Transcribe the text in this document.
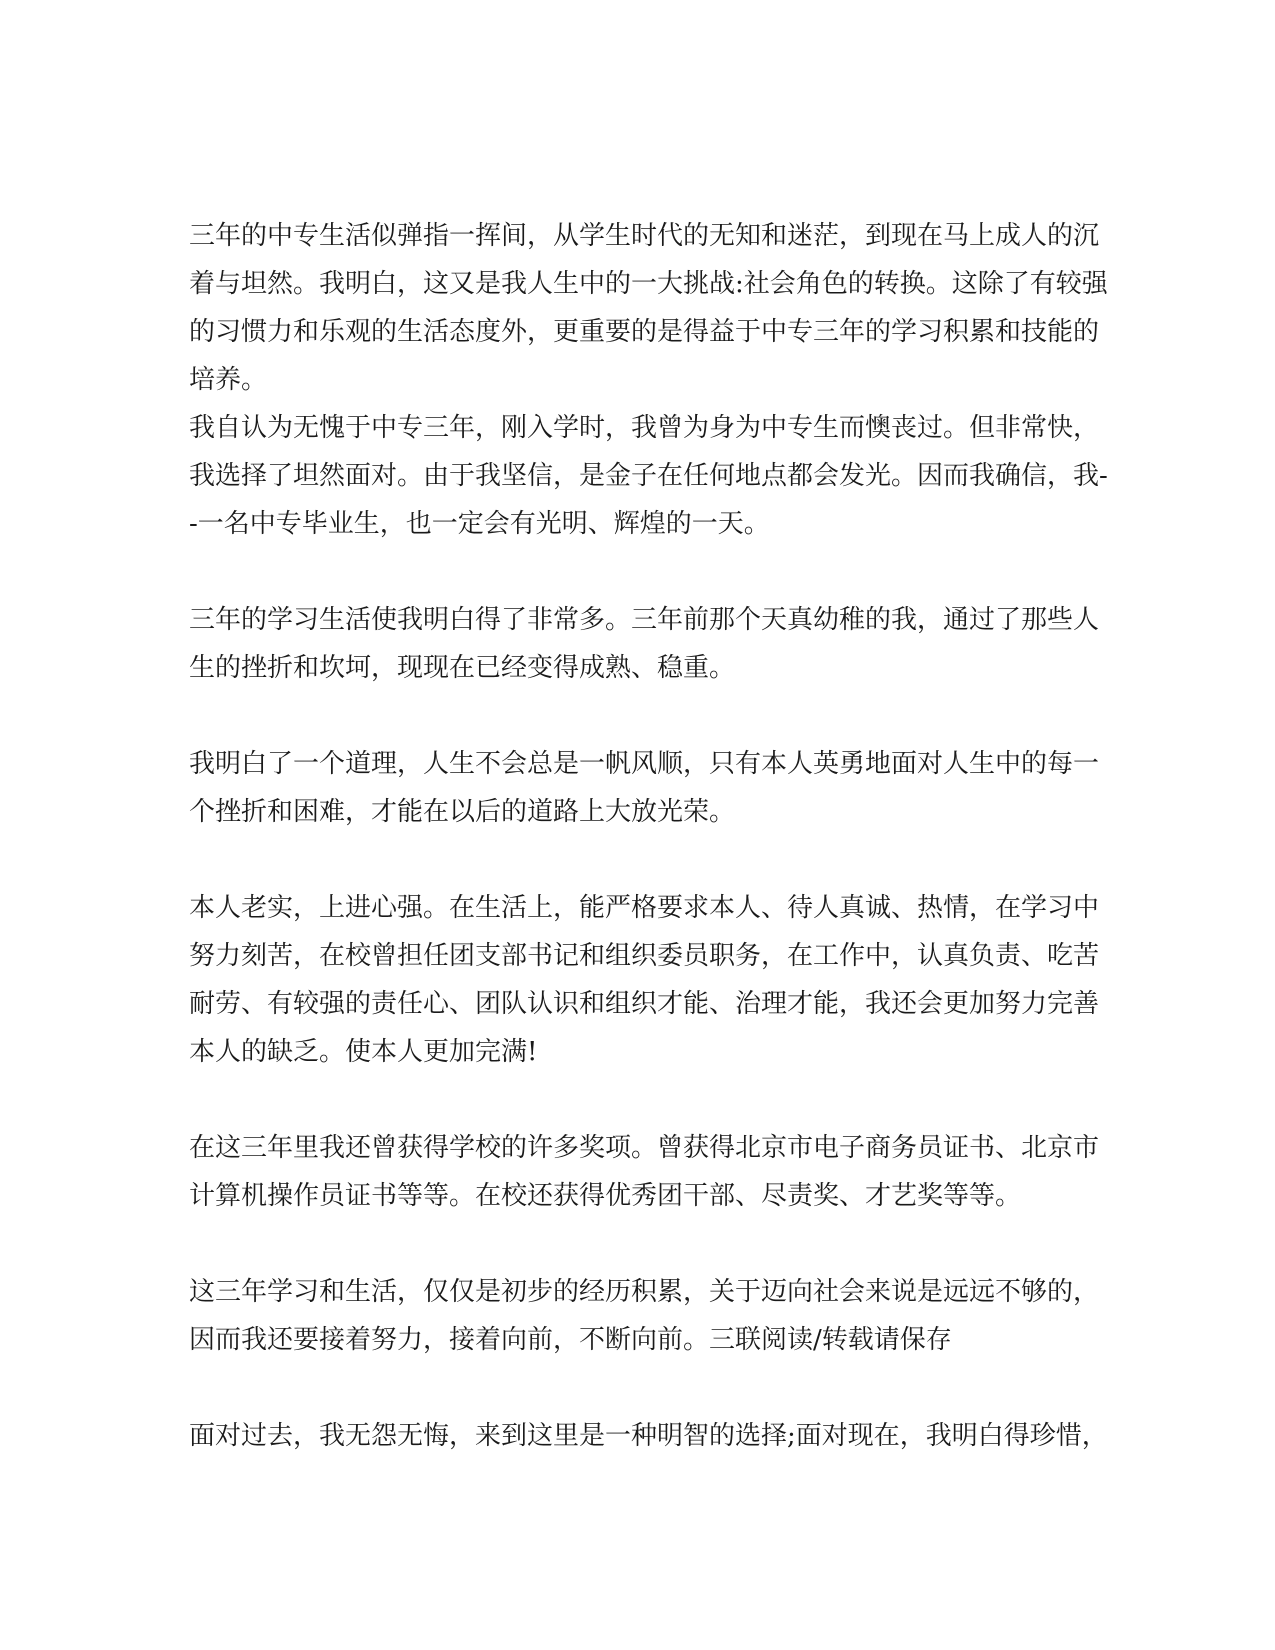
三年的中专生活似弹指一挥间，从学生时代的无知和迷茫，到现在马上成人的沉
着与坦然。我明白，这又是我人生中的一大挑战:社会角色的转换。这除了有较强
的习惯力和乐观的生活态度外，更重要的是得益于中专三年的学习积累和技能的
培养。
我自认为无愧于中专三年，刚入学时，我曾为身为中专生而懊丧过。但非常快，
我选择了坦然面对。由于我坚信，是金子在任何地点都会发光。因而我确信，我-
-一名中专毕业生，也一定会有光明、辉煌的一天。
三年的学习生活使我明白得了非常多。三年前那个天真幼稚的我，通过了那些人
生的挫折和坎坷，现现在已经变得成熟、稳重。
我明白了一个道理，人生不会总是一帆风顺，只有本人英勇地面对人生中的每一
个挫折和困难，才能在以后的道路上大放光荣。
本人老实，上进心强。在生活上，能严格要求本人、待人真诚、热情，在学习中
努力刻苦，在校曾担任团支部书记和组织委员职务，在工作中，认真负责、吃苦
耐劳、有较强的责任心、团队认识和组织才能、治理才能，我还会更加努力完善
本人的缺乏。使本人更加完满!
在这三年里我还曾获得学校的许多奖项。曾获得北京市电子商务员证书、北京市
计算机操作员证书等等。在校还获得优秀团干部、尽责奖、才艺奖等等。
这三年学习和生活，仅仅是初步的经历积累，关于迈向社会来说是远远不够的，
因而我还要接着努力，接着向前，不断向前。三联阅读/转载请保存
面对过去，我无怨无悔，来到这里是一种明智的选择;面对现在，我明白得珍惜，
